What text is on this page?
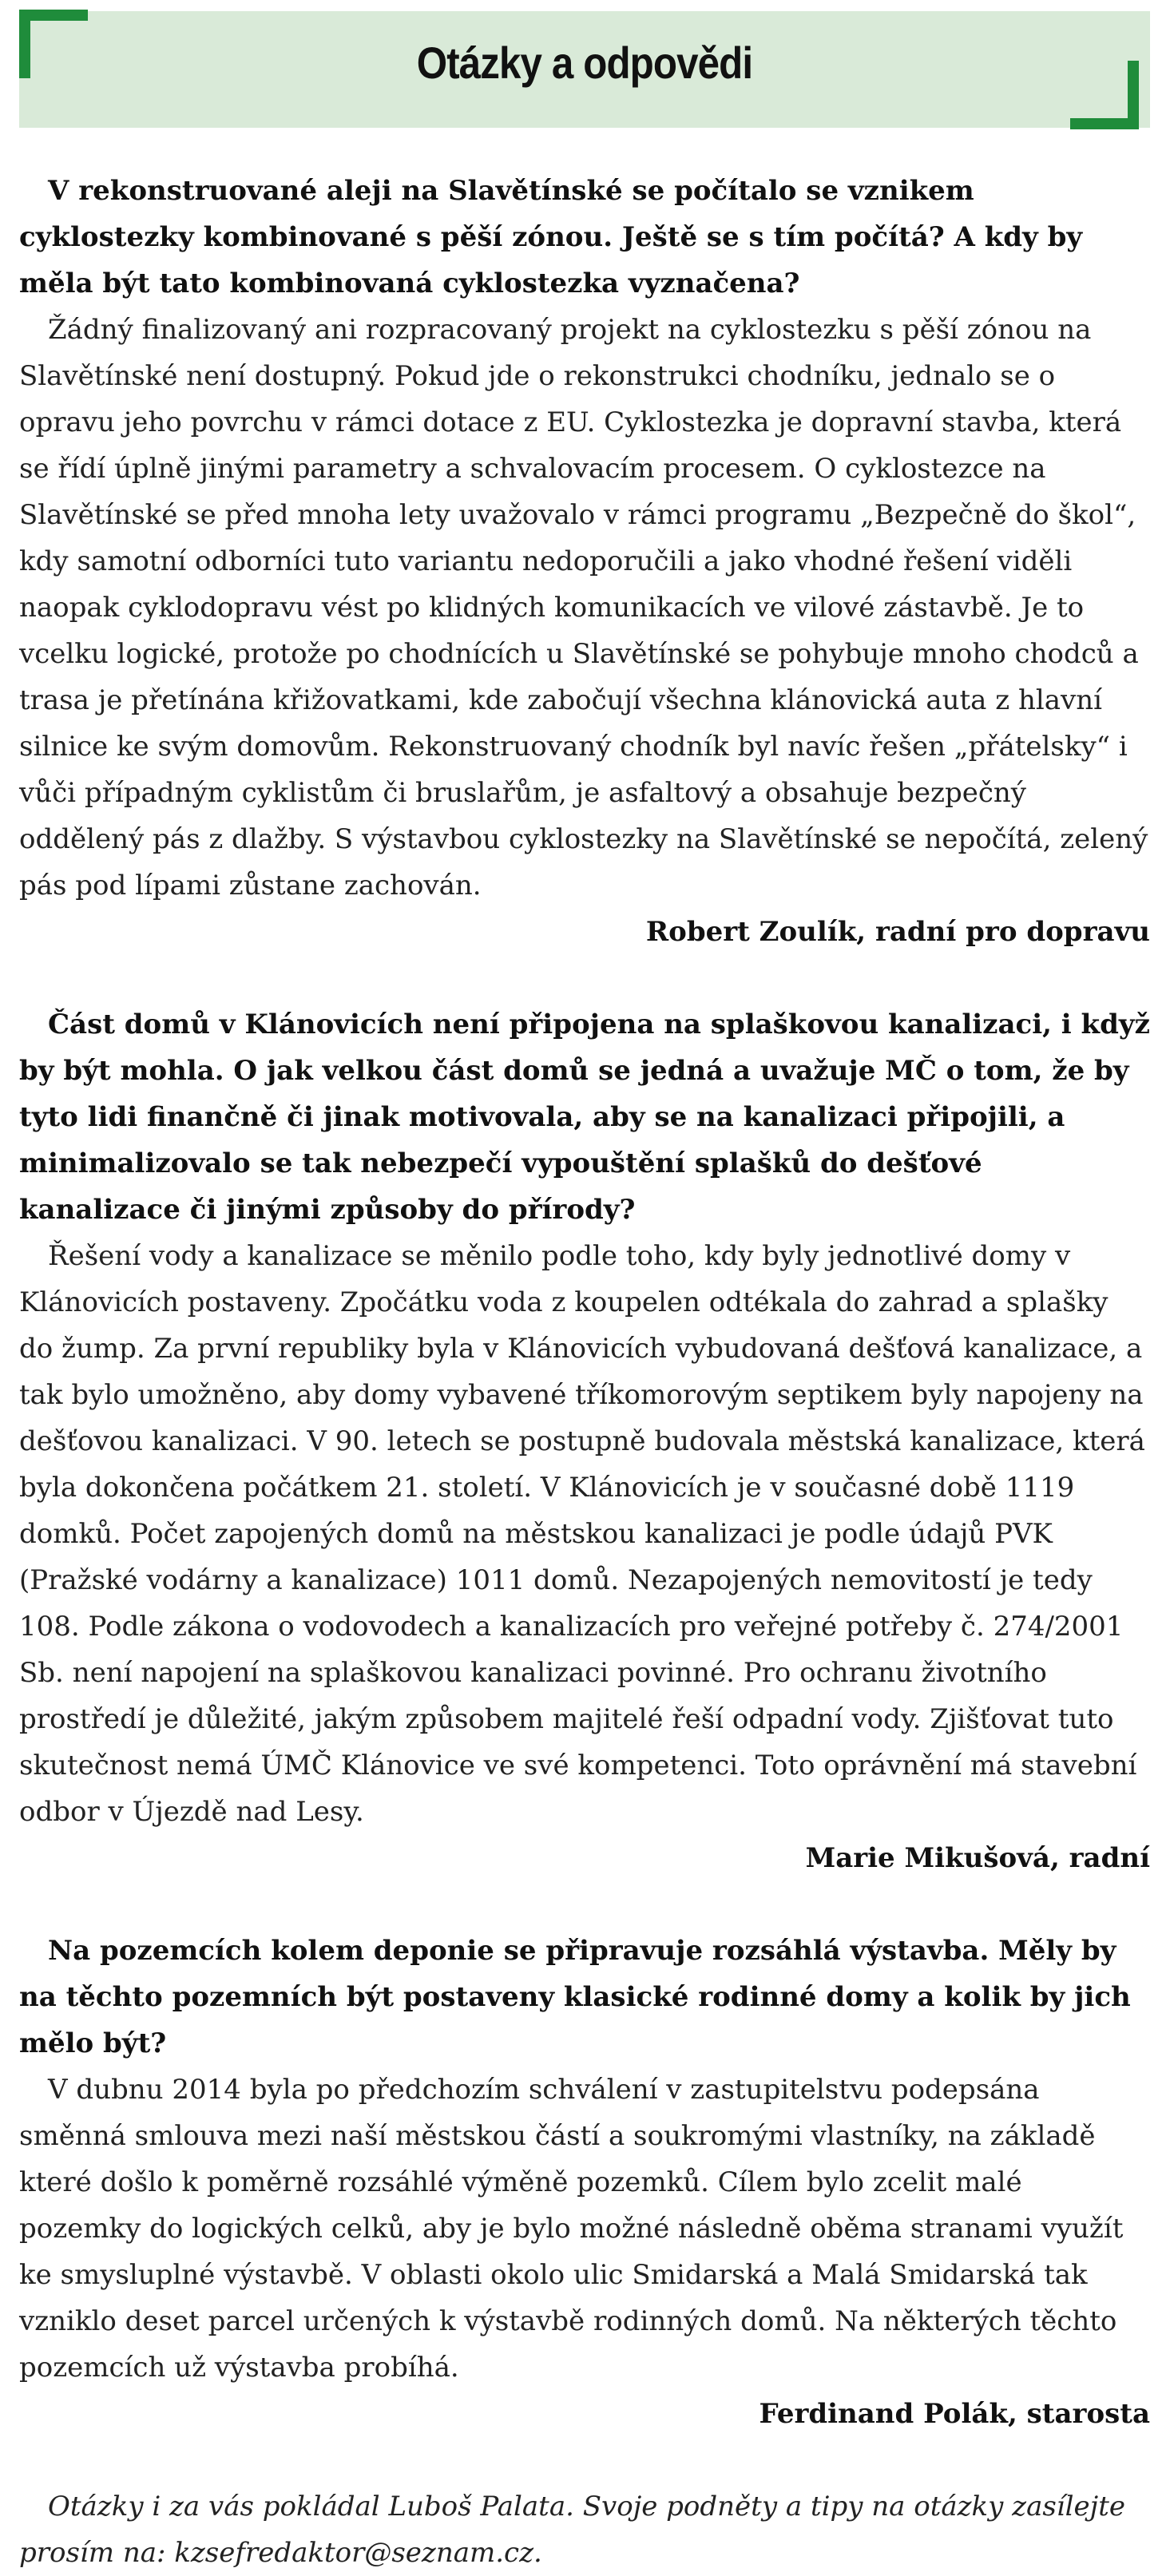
Otázky a odpovědi

V rekonstruované aleji na Slavětínské se počítalo se vznikem cyklostezky kombinované s pěší zónou. Ještě se s tím počítá? A kdy by měla být tato kombinovaná cyklostezka vyznačena?

Žádný finalizovaný ani rozpracovaný projekt na cyklostezku s pěší zónou na Slavětínské není dostupný. Pokud jde o rekonstrukci chodníku, jednalo se o opravu jeho povrchu v rámci dotace z EU. Cyklostezka je dopravní stavba, která se řídí úplně jinými parametry a schvalovacím procesem. O cyklostezce na Slavětínské se před mnoha lety uvažovalo v rámci programu „Bezpečně do škol“, kdy samotní odborníci tuto variantu nedoporučili a jako vhodné řešení viděli naopak cyklodopravu vést po klidných komunikacích ve vilové zástavbě. Je to vcelku logické, protože po chodnících u Slavětínské se pohybuje mnoho chodců a trasa je přetínána křižovatkami, kde zabočují všechna klánovická auta z hlavní silnice ke svým domovům. Rekonstruovaný chodník byl navíc řešen „přátelsky“ i vůči případným cyklistům či bruslařům, je asfaltový a obsahuje bezpečný oddělený pás z dlažby. S výstavbou cyklostezky na Slavětínské se nepočítá, zelený pás pod lípami zůstane zachován.

Robert Zoulík, radní pro dopravu

Část domů v Klánovicích není připojena na splaškovou kanalizaci, i když by být mohla. O jak velkou část domů se jedná a uvažuje MČ o tom, že by tyto lidi finančně či jinak motivovala, aby se na kanalizaci připojili, a minimalizovalo se tak nebezpečí vypouštění splašků do dešťové kanalizace či jinými způsoby do přírody?

Řešení vody a kanalizace se měnilo podle toho, kdy byly jednotlivé domy v Klánovicích postaveny. Zpočátku voda z koupelen odtékala do zahrad a splašky do žump. Za první republiky byla v Klánovicích vybudovaná dešťová kanalizace, a tak bylo umožněno, aby domy vybavené tříkomorovým septikem byly napojeny na dešťovou kanalizaci. V 90. letech se postupně budovala městská kanalizace, která byla dokončena počátkem 21. století. V Klánovicích je v současné době 1119 domků. Počet zapojených domů na městskou kanalizaci je podle údajů PVK (Pražské vodárny a kanalizace) 1011 domů. Nezapojených nemovitostí je tedy 108. Podle zákona o vodovodech a kanalizacích pro veřejné potřeby č. 274/2001 Sb. není napojení na splaškovou kanalizaci povinné. Pro ochranu životního prostředí je důležité, jakým způsobem majitelé řeší odpadní vody. Zjišťovat tuto skutečnost nemá ÚMČ Klánovice ve své kompetenci. Toto oprávnění má stavební odbor v Újezdě nad Lesy.

Marie Mikušová, radní

Na pozemcích kolem deponie se připravuje rozsáhlá výstavba. Měly by na těchto pozemních být postaveny klasické rodinné domy a kolik by jich mělo být?

V dubnu 2014 byla po předchozím schválení v zastupitelstvu podepsána směnná smlouva mezi naší městskou částí a soukromými vlastníky, na základě které došlo k poměrně rozsáhlé výměně pozemků. Cílem bylo zcelit malé pozemky do logických celků, aby je bylo možné následně oběma stranami využít ke smysluplné výstavbě. V oblasti okolo ulic Smidarská a Malá Smidarská tak vzniklo deset parcel určených k výstavbě rodinných domů. Na některých těchto pozemcích už výstavba probíhá.

Ferdinand Polák, starosta

Otázky i za vás pokládal Luboš Palata. Svoje podněty a tipy na otázky zasílejte prosím na: kzsefredaktor@seznam.cz.
